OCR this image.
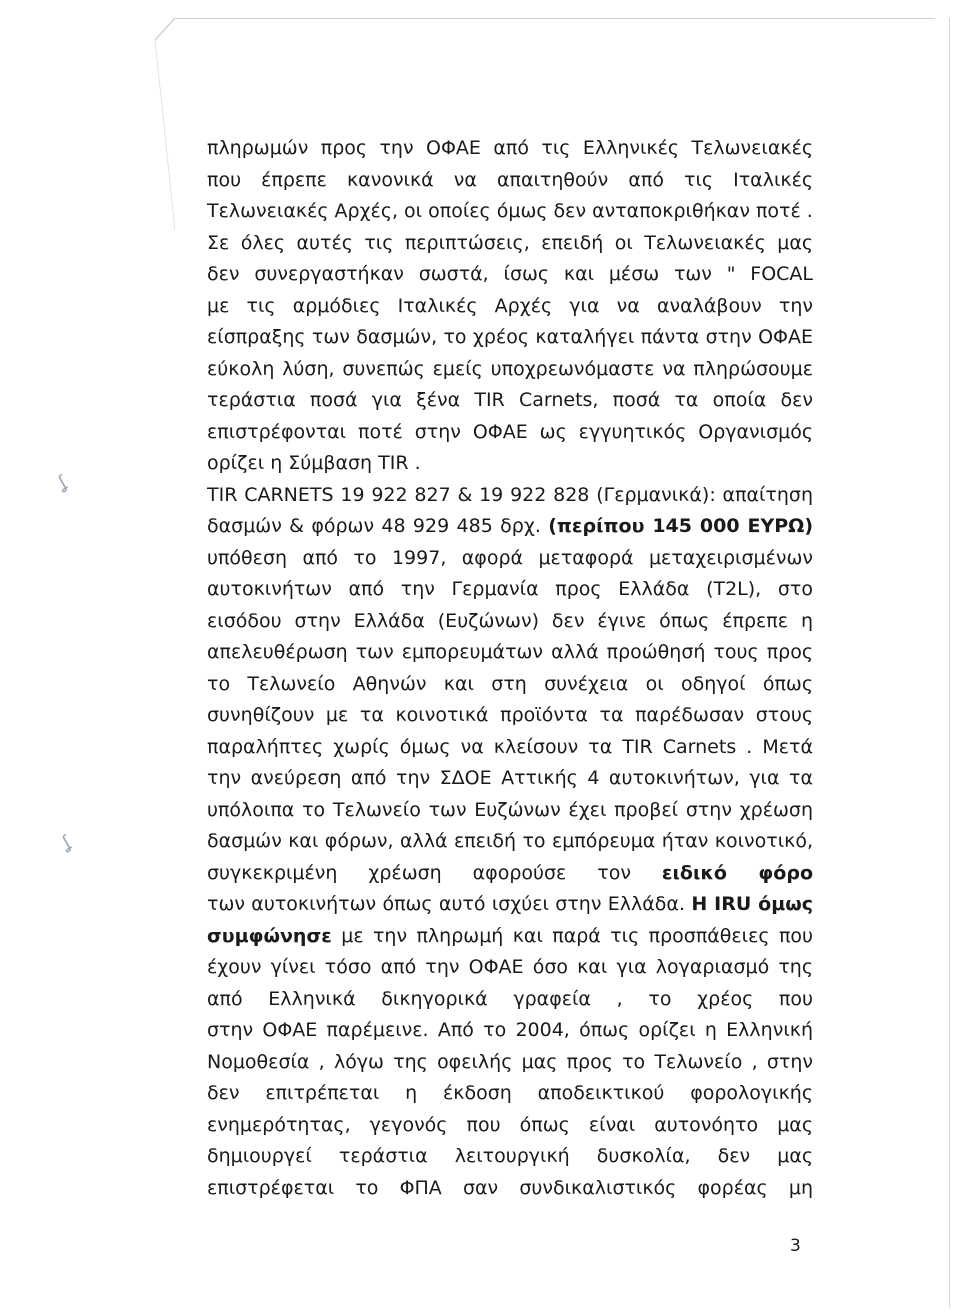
ʆ
ʆ
πληρωμών προς την ΟΦΑΕ από τις Ελληνικές Τελωνειακές
που έπρεπε κανονικά να απαιτηθούν από τις Ιταλικές
Τελωνειακές Αρχές, οι οποίες όμως δεν ανταποκριθήκαν ποτέ .
Σε όλες αυτές τις περιπτώσεις, επειδή οι Τελωνειακές μας
δεν συνεργαστήκαν σωστά, ίσως και μέσω των " FOCAL
με τις αρμόδιες Ιταλικές Αρχές για να αναλάβουν την
είσπραξης των δασμών, το χρέος καταλήγει πάντα στην ΟΦΑΕ
εύκολη λύση, συνεπώς εμείς υποχρεωνόμαστε να πληρώσουμε
τεράστια ποσά για ξένα TIR Carnets, ποσά τα οποία δεν
επιστρέφονται ποτέ στην ΟΦΑΕ ως εγγυητικός Οργανισμός
ορίζει η Σύμβαση TIR .
TIR CARNETS 19 922 827 & 19 922 828 (Γερμανικά): απαίτηση
δασμών & φόρων 48 929 485 δρχ. (περίπου 145 000 ΕΥΡΩ)
υπόθεση από το 1997, αφορά μεταφορά μεταχειρισμένων
αυτοκινήτων από την Γερμανία προς Ελλάδα (T2L), στο
εισόδου στην Ελλάδα (Ευζώνων) δεν έγινε όπως έπρεπε η
απελευθέρωση των εμπορευμάτων αλλά προώθησή τους προς
το Τελωνείο Αθηνών και στη συνέχεια οι οδηγοί όπως
συνηθίζουν με τα κοινοτικά προϊόντα τα παρέδωσαν στους
παραλήπτες χωρίς όμως να κλείσουν τα TIR Carnets . Μετά
την ανεύρεση από την ΣΔΟΕ Αττικής 4 αυτοκινήτων, για τα
υπόλοιπα το Τελωνείο των Ευζώνων έχει προβεί στην χρέωση
δασμών και φόρων, αλλά επειδή το εμπόρευμα ήταν κοινοτικό,
συγκεκριμένη χρέωση αφορούσε τον ειδικό φόρο
των αυτοκινήτων όπως αυτό ισχύει στην Ελλάδα. Η IRU όμως
συμφώνησε με την πληρωμή και παρά τις προσπάθειες που
έχουν γίνει τόσο από την ΟΦΑΕ όσο και για λογαριασμό της
από Ελληνικά δικηγορικά γραφεία , το χρέος που
στην ΟΦΑΕ παρέμεινε. Από το 2004, όπως ορίζει η Ελληνική
Νομοθεσία , λόγω της οφειλής μας προς το Τελωνείο , στην
δεν επιτρέπεται η έκδοση αποδεικτικού φορολογικής
ενημερότητας, γεγονός που όπως είναι αυτονόητο μας
δημιουργεί τεράστια λειτουργική δυσκολία, δεν μας
επιστρέφεται το ΦΠΑ σαν συνδικαλιστικός φορέας μη
3
